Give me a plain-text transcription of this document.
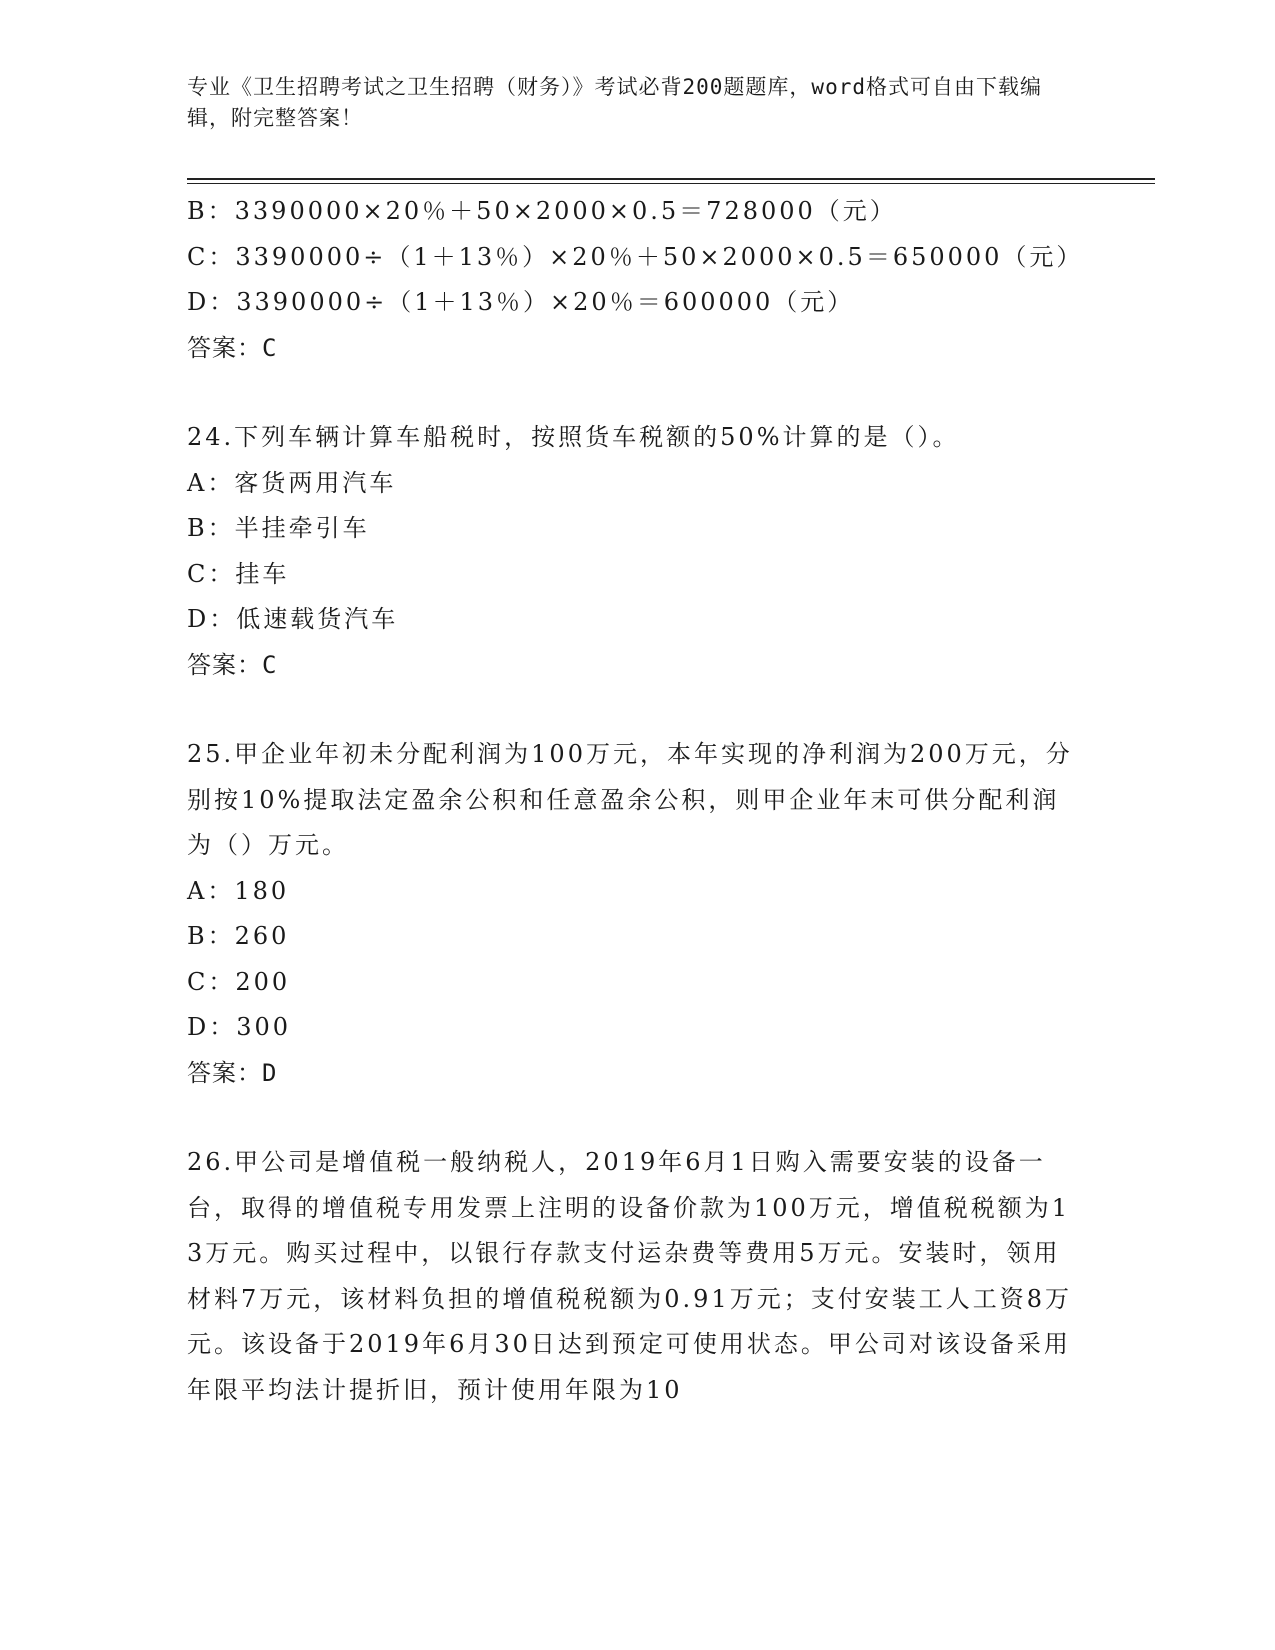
专业《卫生招聘考试之卫生招聘（财务）》考试必背200题题库，word格式可自由下载编辑，附完整答案！
B：3390000×20％＋50×2000×0.5＝728000（元）
C：3390000÷（1＋13％）×20％＋50×2000×0.5＝650000（元）
D：3390000÷（1＋13％）×20％＝600000（元）
答案：C
24.下列车辆计算车船税时，按照货车税额的50%计算的是（）。
A：客货两用汽车
B：半挂牵引车
C：挂车
D：低速载货汽车
答案：C

25.甲企业年初未分配利润为100万元，本年实现的净利润为200万元，分别按10%提取法定盈余公积和任意盈余公积，则甲企业年末可供分配利润为（）万元。

A：180
B：260
C：200
D：300
答案：D

26.甲公司是增值税一般纳税人，2019年6月1日购入需要安装的设备一台，取得的增值税专用发票上注明的设备价款为100万元，增值税税额为13万元。购买过程中，以银行存款支付运杂费等费用5万元。安装时，领用材料7万元，该材料负担的增值税税额为0.91万元；支付安装工人工资8万元。该设备于2019年6月30日达到预定可使用状态。甲公司对该设备采用年限平均法计提折旧，预计使用年限为10
